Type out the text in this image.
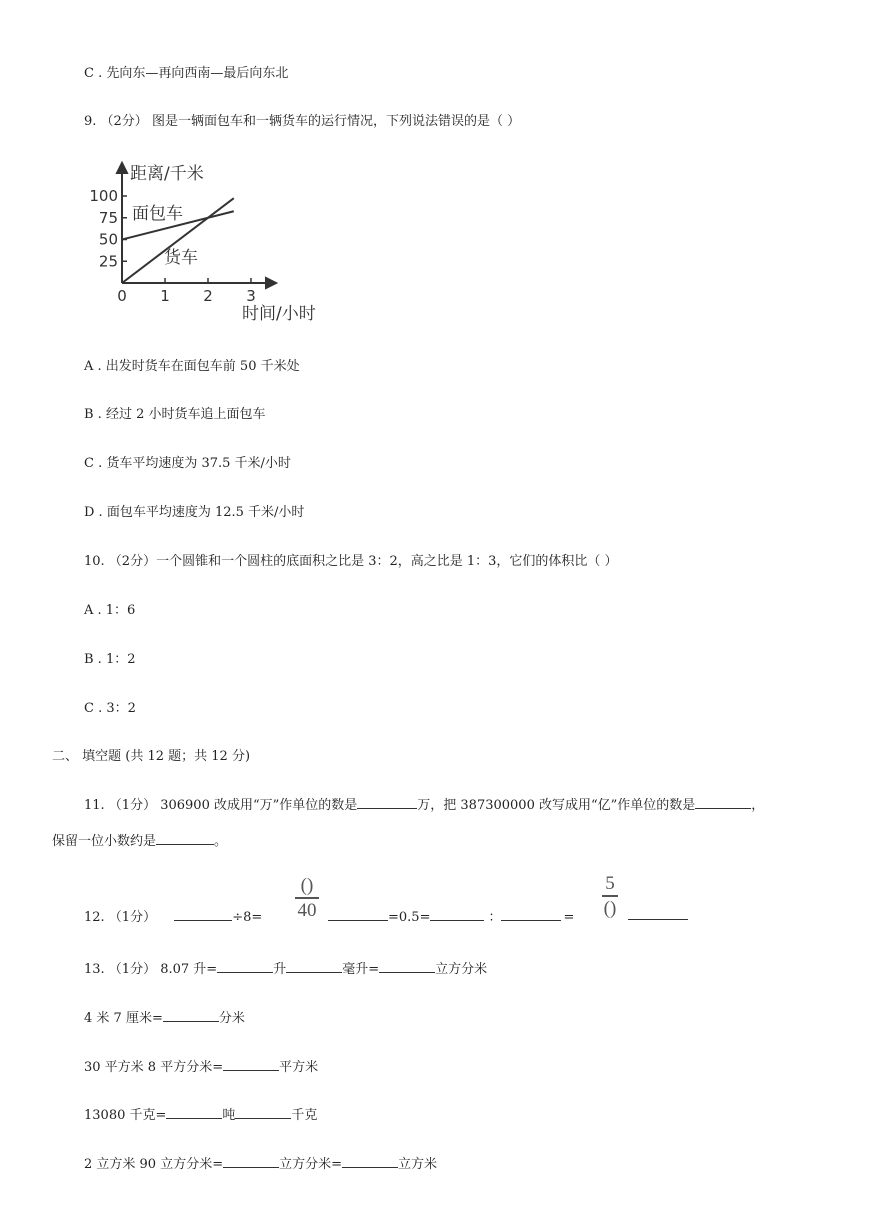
C . 先向东—再向西南—最后向东北
9. （2分） 图是一辆面包车和一辆货车的运行情况，下列说法错误的是（ ）
0 1 2 3
25
50
75
100
面包车
货车
距离/千米
时间/小时
A . 出发时货车在面包车前 50 千米处
B . 经过 2 小时货车追上面包车
C . 货车平均速度为 37.5 千米/小时
D . 面包车平均速度为 12.5 千米/小时
10. （2分）一个圆锥和一个圆柱的底面积之比是 3：2，高之比是 1：3，它们的体积比（ ）
A . 1：6
B . 1：2
C . 3：2
二、 填空题 (共 12 题；共 12 分)
11. （1分） 306900 改成用“万”作单位的数是	万，把 387300000 改写成用“亿”作单位的数是	，
保留一位小数约是	。
12. （1分）	÷8=
()
40	=0.5=	：	=
5
()
13. （1分） 8.07 升=	升	毫升=	立方分米
4 米 7 厘米=	分米
30 平方米 8 平方分米=	平方米
13080 千克=	吨	千克
2 立方米 90 立方分米=	立方分米=	立方米
